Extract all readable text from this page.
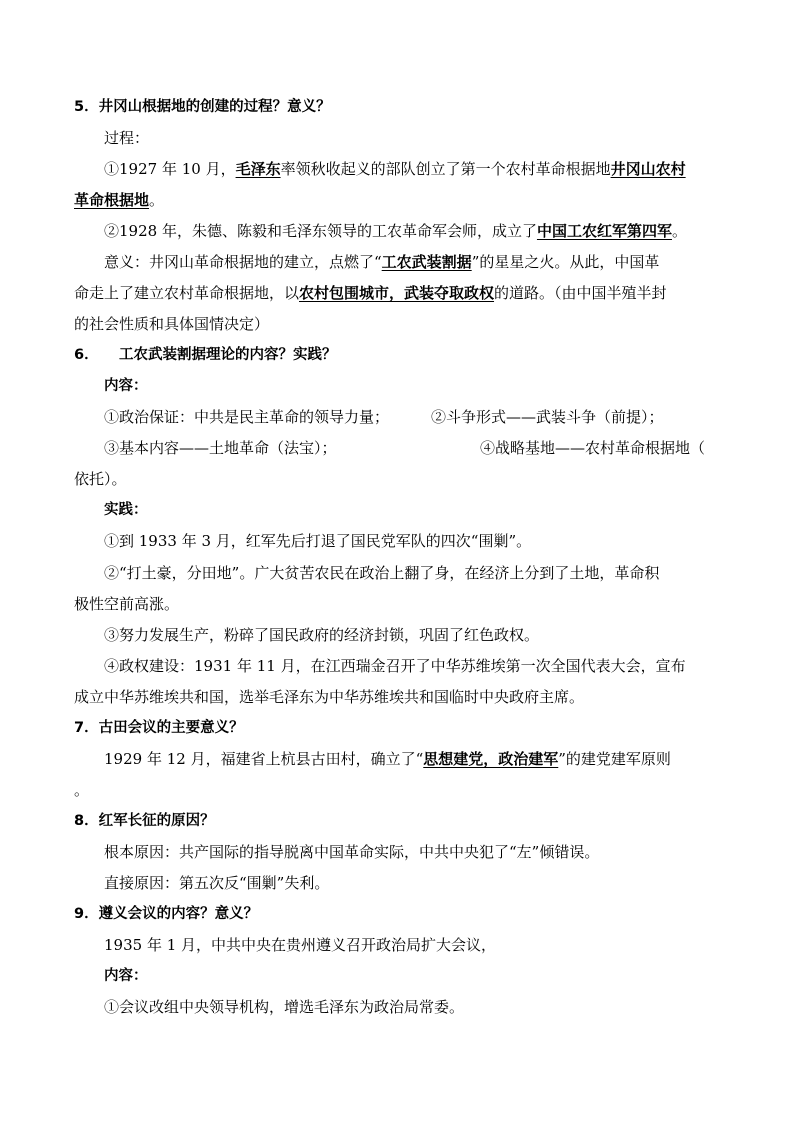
5．井冈山根据地的创建的过程？意义？
过程：
①1927 年 10 月，毛泽东率领秋收起义的部队创立了第一个农村革命根据地井冈山农村
革命根据地。
②1928 年，朱德、陈毅和毛泽东领导的工农革命军会师，成立了中国工农红军第四军。
意义：井冈山革命根据地的建立，点燃了“工农武装割据”的星星之火。从此，中国革
命走上了建立农村革命根据地，以农村包围城市，武装夺取政权的道路。（由中国半殖半封
的社会性质和具体国情决定）
6． 工农武装割据理论的内容？实践？
内容：
①政治保证：中共是民主革命的领导力量；	②斗争形式——武装斗争（前提）；
③基本内容——土地革命（法宝）；	④战略基地——农村革命根据地（
依托）。
实践：
①到 1933 年 3 月，红军先后打退了国民党军队的四次“围剿”。
②“打土豪，分田地”。广大贫苦农民在政治上翻了身，在经济上分到了土地，革命积
极性空前高涨。
③努力发展生产，粉碎了国民政府的经济封锁，巩固了红色政权。
④政权建设：1931 年 11 月，在江西瑞金召开了中华苏维埃第一次全国代表大会，宣布
成立中华苏维埃共和国，选举毛泽东为中华苏维埃共和国临时中央政府主席。
7．古田会议的主要意义？
1929 年 12 月，福建省上杭县古田村，确立了“思想建党，政治建军”的建党建军原则
。
8．红军长征的原因？
根本原因：共产国际的指导脱离中国革命实际，中共中央犯了“左”倾错误。
直接原因：第五次反“围剿”失利。
9．遵义会议的内容？意义？
1935 年 1 月，中共中央在贵州遵义召开政治局扩大会议，
内容：
①会议改组中央领导机构，增选毛泽东为政治局常委。
